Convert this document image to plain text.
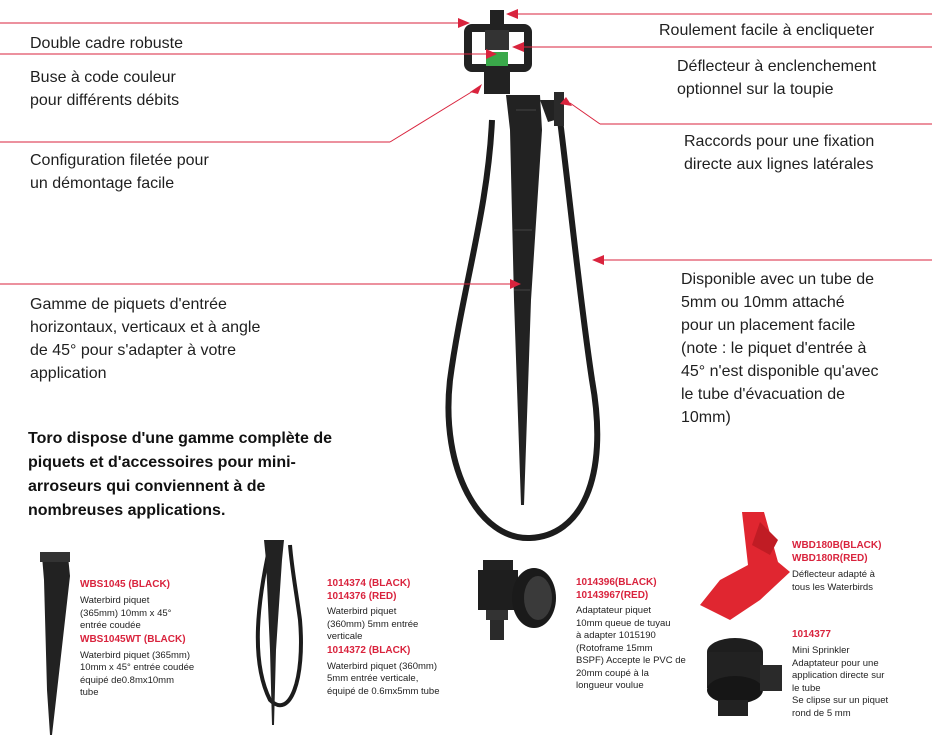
Double cadre robuste
Buse à code couleur
pour différents débits
Configuration filetée pour
un démontage facile
Gamme de piquets d'entrée
horizontaux, verticaux et à angle
de 45° pour s'adapter à votre
application
Roulement facile à encliqueter
Déflecteur à enclenchement
optionnel sur la toupie
Raccords pour une fixation
directe aux lignes latérales
Disponible avec un tube de
5mm ou 10mm attaché
pour un placement facile
(note : le piquet d'entrée à
45° n'est disponible qu'avec
le tube d'évacuation de
10mm)
Toro dispose d'une gamme complète de
piquets et d'accessoires pour mini-
arroseurs qui conviennent à de
nombreuses applications.
WBS1045 (BLACK)
Waterbird piquet
(365mm) 10mm x 45°
entrée coudée
WBS1045WT (BLACK)
Waterbird piquet (365mm)
10mm x 45° entrée coudée
équipé de0.8mx10mm
tube
1014374 (BLACK)
1014376 (RED)
Waterbird piquet
(360mm) 5mm entrée
verticale
1014372 (BLACK)
Waterbird piquet (360mm)
5mm entrée verticale,
équipé de 0.6mx5mm tube
1014396(BLACK)
10143967(RED)
Adaptateur piquet
10mm queue de tuyau
à adapter 1015190
(Rotoframe 15mm
BSPF) Accepte le PVC de
20mm coupé à la
longueur voulue
WBD180B(BLACK)
WBD180R(RED)
Déflecteur adapté à
tous les Waterbirds
1014377
Mini Sprinkler
Adaptateur pour une
application directe sur
le tube
Se clipse sur un piquet
rond de 5 mm
